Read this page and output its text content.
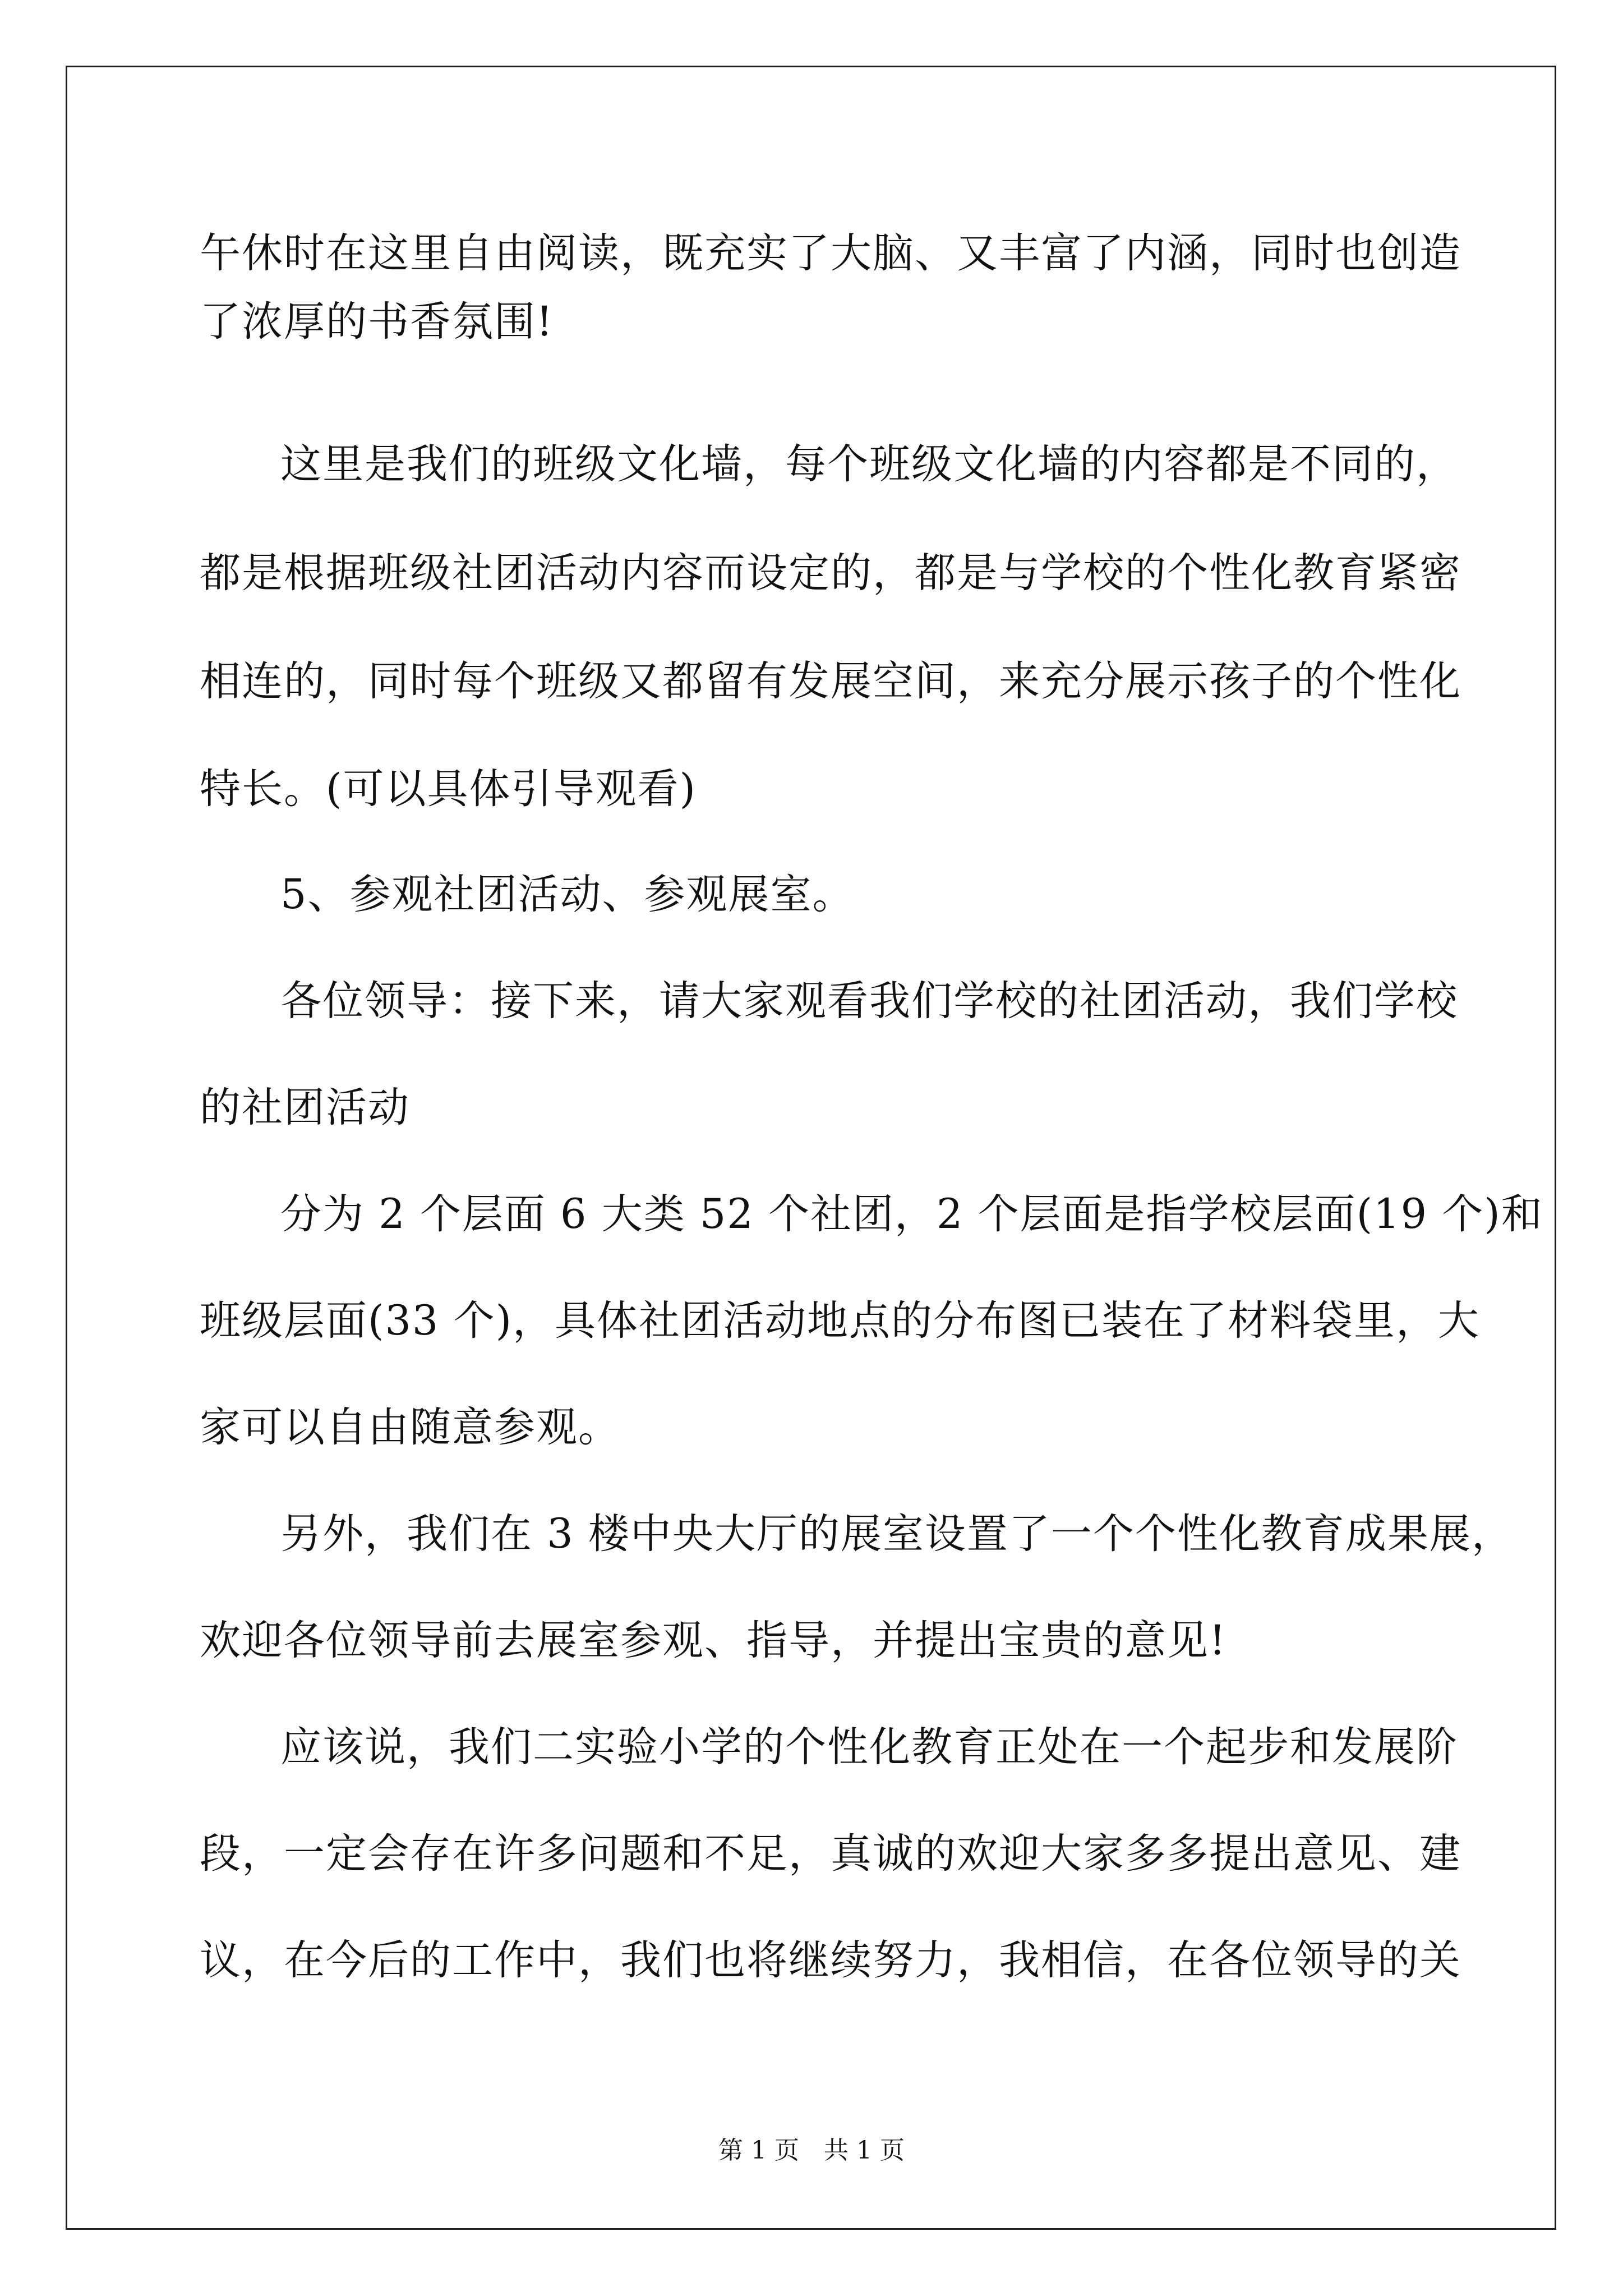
午休时在这里自由阅读，既充实了大脑、又丰富了内涵，同时也创造
了浓厚的书香氛围!
这里是我们的班级文化墙，每个班级文化墙的内容都是不同的，
都是根据班级社团活动内容而设定的，都是与学校的个性化教育紧密
相连的，同时每个班级又都留有发展空间，来充分展示孩子的个性化
特长。(可以具体引导观看)
5、参观社团活动、参观展室。
各位领导：接下来，请大家观看我们学校的社团活动，我们学校
的社团活动
分为 2 个层面 6 大类 52 个社团，2 个层面是指学校层面(19 个)和
班级层面(33 个)，具体社团活动地点的分布图已装在了材料袋里，大
家可以自由随意参观。
另外，我们在 3 楼中央大厅的展室设置了一个个性化教育成果展，
欢迎各位领导前去展室参观、指导，并提出宝贵的意见!
应该说，我们二实验小学的个性化教育正处在一个起步和发展阶
段，一定会存在许多问题和不足，真诚的欢迎大家多多提出意见、建
议，在今后的工作中，我们也将继续努力，我相信，在各位领导的关
第 1 页　共 1 页
